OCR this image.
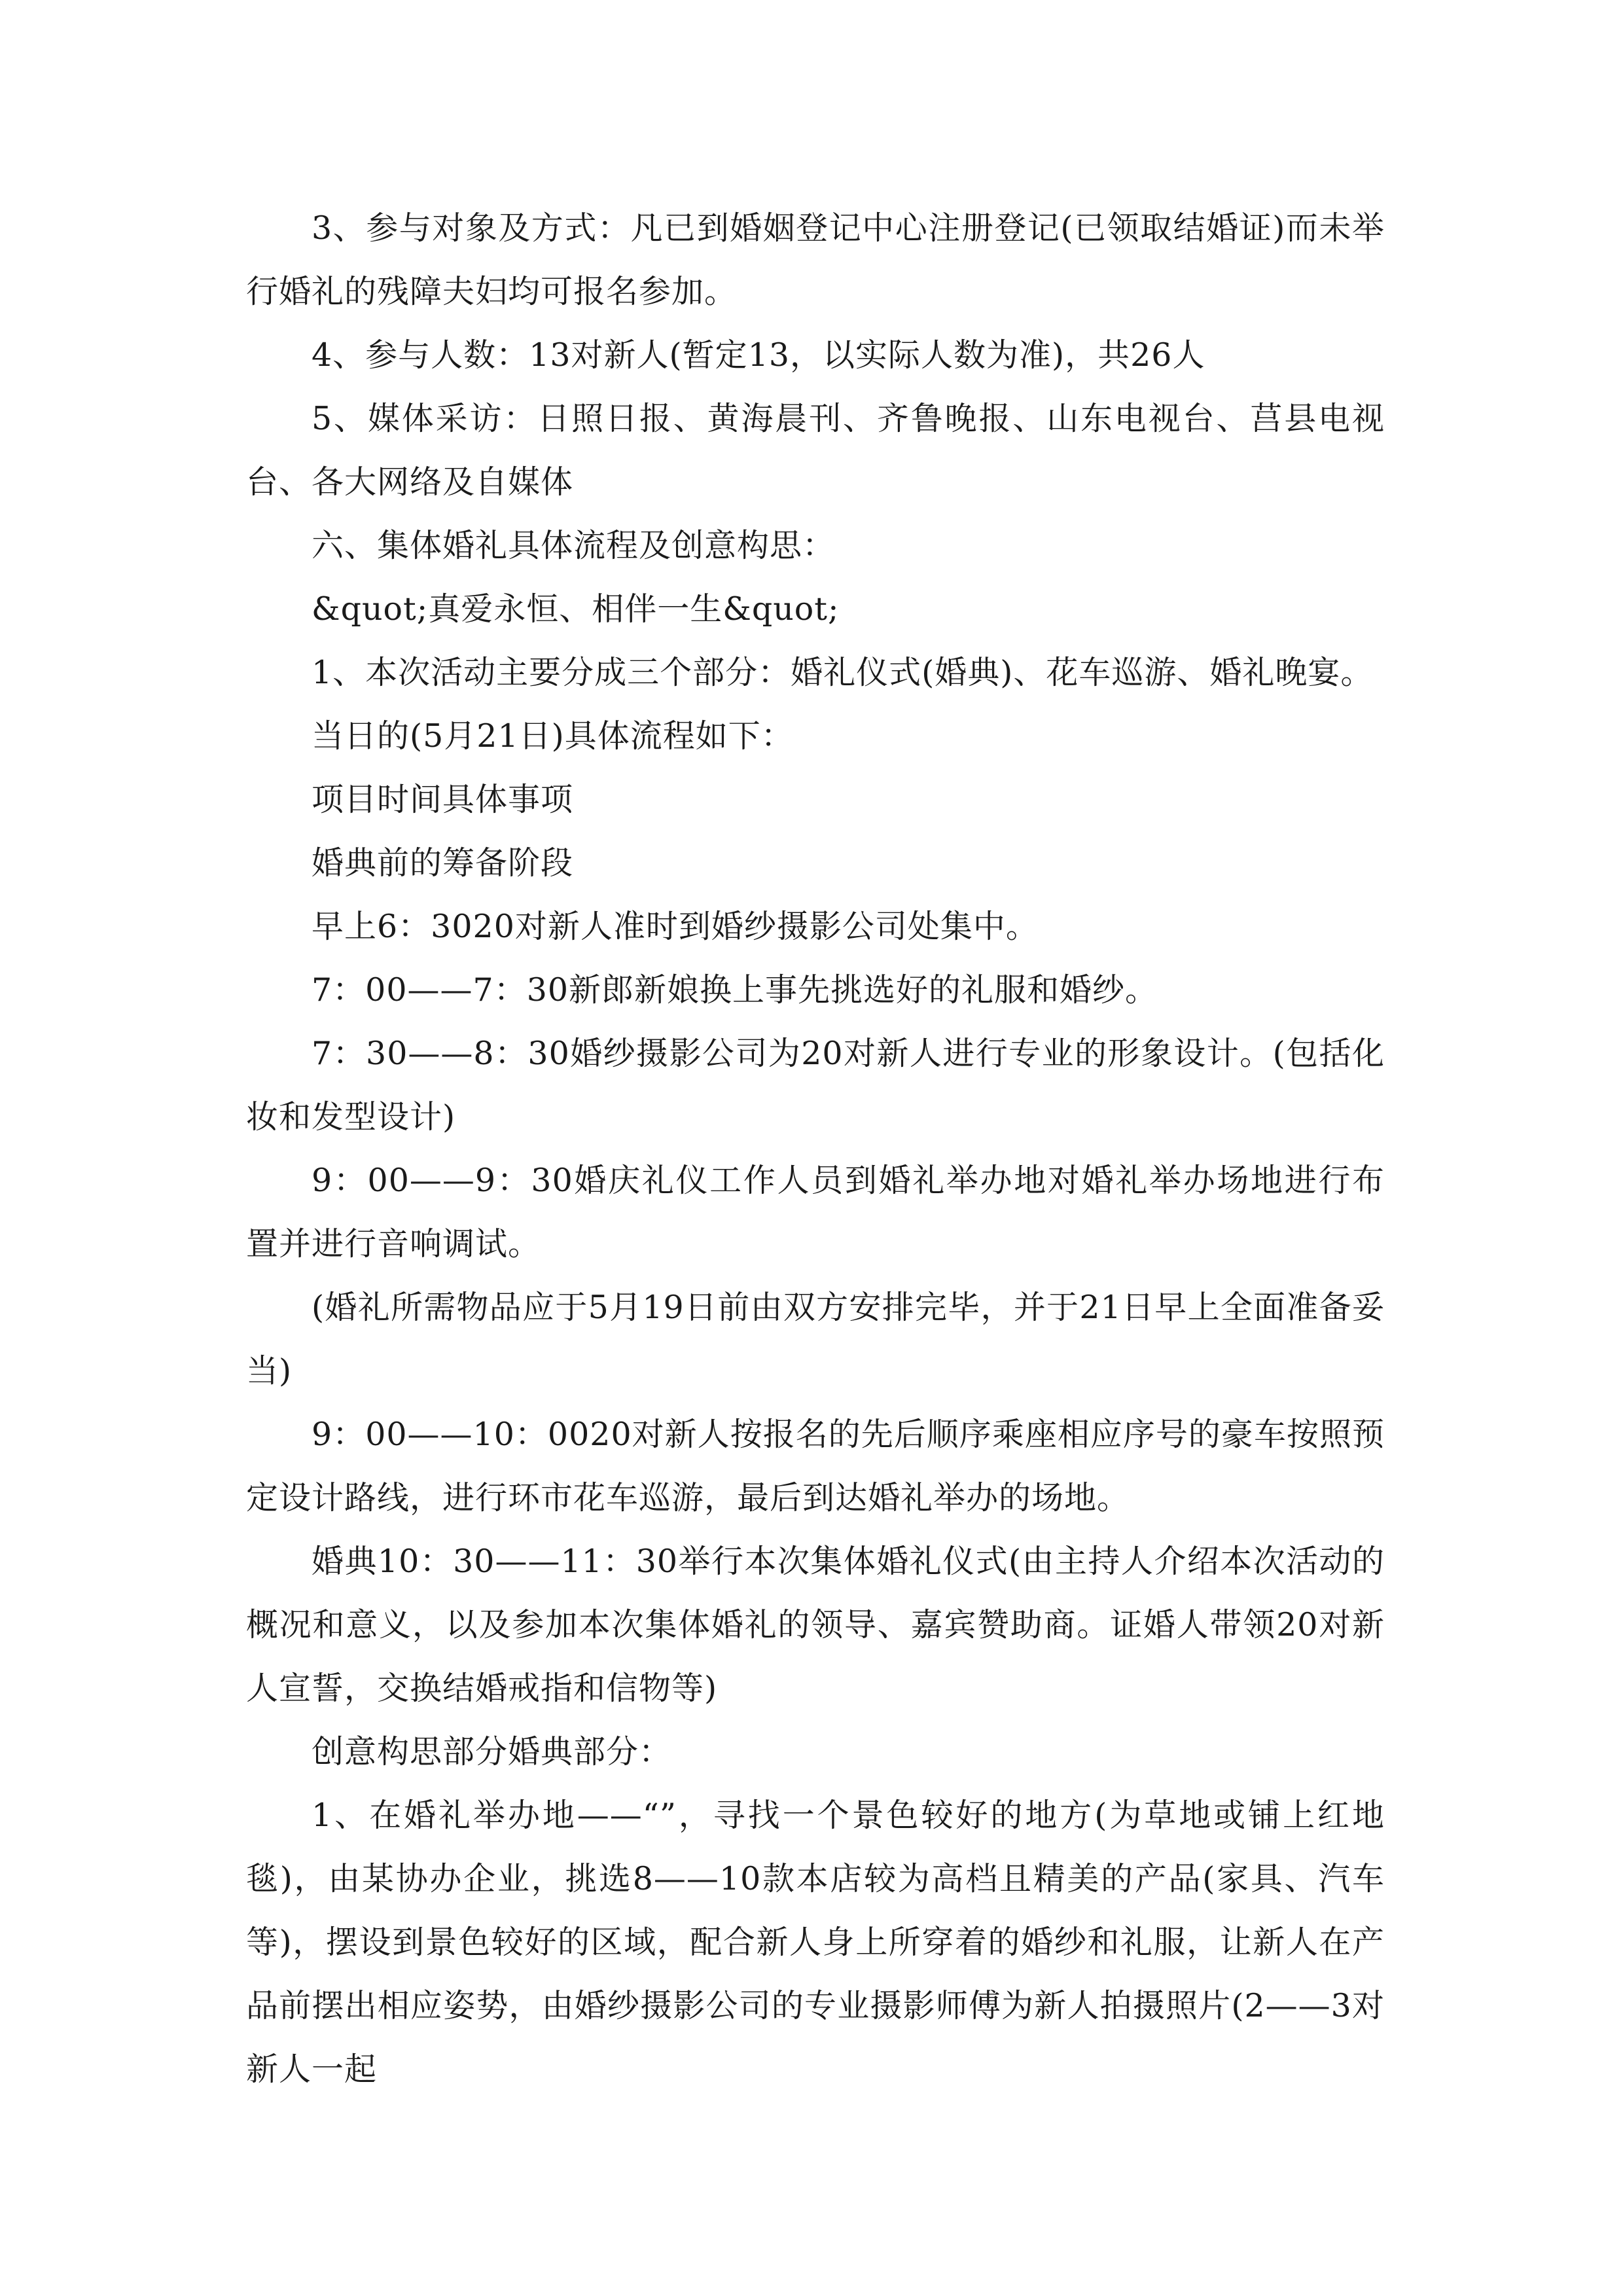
3、参与对象及方式：凡已到婚姻登记中心注册登记(已领取结婚证)而未举行婚礼的残障夫妇均可报名参加。

4、参与人数：13对新人(暂定13，以实际人数为准)，共26人

5、媒体采访：日照日报、黄海晨刊、齐鲁晚报、山东电视台、莒县电视台、各大网络及自媒体

六、集体婚礼具体流程及创意构思：

&quot;真爱永恒、相伴一生&quot;

1、本次活动主要分成三个部分：婚礼仪式(婚典)、花车巡游、婚礼晚宴。

当日的(5月21日)具体流程如下：

项目时间具体事项

婚典前的筹备阶段

早上6：3020对新人准时到婚纱摄影公司处集中。

7：00——7：30新郎新娘换上事先挑选好的礼服和婚纱。

7：30——8：30婚纱摄影公司为20对新人进行专业的形象设计。(包括化妆和发型设计)

9：00——9：30婚庆礼仪工作人员到婚礼举办地对婚礼举办场地进行布置并进行音响调试。

(婚礼所需物品应于5月19日前由双方安排完毕，并于21日早上全面准备妥当)

9：00——10：0020对新人按报名的先后顺序乘座相应序号的豪车按照预定设计路线，进行环市花车巡游，最后到达婚礼举办的场地。

婚典10：30——11：30举行本次集体婚礼仪式(由主持人介绍本次活动的概况和意义，以及参加本次集体婚礼的领导、嘉宾赞助商。证婚人带领20对新人宣誓，交换结婚戒指和信物等)

创意构思部分婚典部分：

1、在婚礼举办地——“”，寻找一个景色较好的地方(为草地或铺上红地毯)，由某协办企业，挑选8——10款本店较为高档且精美的产品(家具、汽车等)，摆设到景色较好的区域，配合新人身上所穿着的婚纱和礼服，让新人在产品前摆出相应姿势，由婚纱摄影公司的专业摄影师傅为新人拍摄照片(2——3对新人一起
